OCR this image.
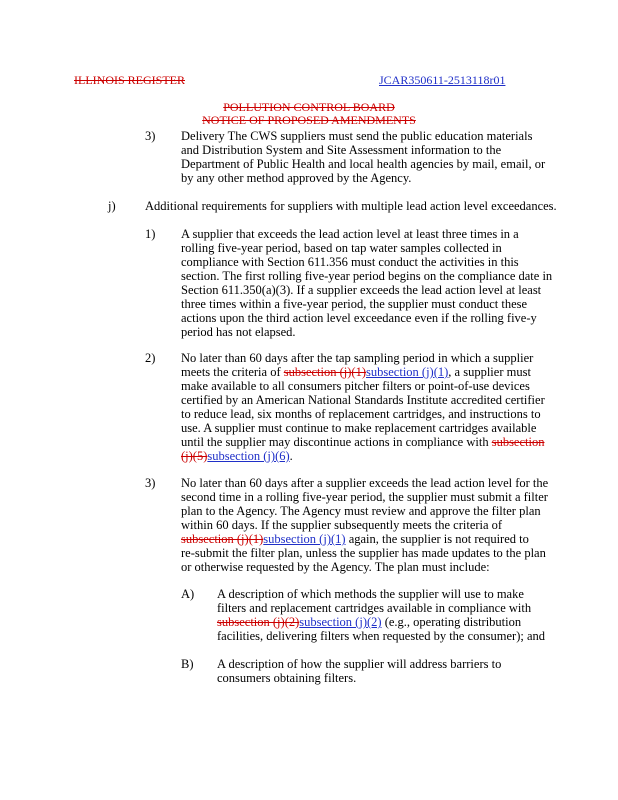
ILLINOIS REGISTER	JCAR350611-2513118r01
POLLUTION CONTROL BOARD
NOTICE OF PROPOSED AMENDMENTS
3) Delivery The CWS suppliers must send the public education materials
and Distribution System and Site Assessment information to the
Department of Public Health and local health agencies by mail, email, or
by any other method approved by the Agency.
j) Additional requirements for suppliers with multiple lead action level exceedances.
1) A supplier that exceeds the lead action level at least three times in a
rolling five-year period, based on tap water samples collected in
compliance with Section 611.356 must conduct the activities in this
section. The first rolling five-year period begins on the compliance date in
Section 611.350(a)(3). If a supplier exceeds the lead action level at least
three times within a five-year period, the supplier must conduct these
actions upon the third action level exceedance even if the rolling five-y
period has not elapsed.
2) No later than 60 days after the tap sampling period in which a supplier
meets the criteria of subsection (j)(1)subsection (j)(1), a supplier must
make available to all consumers pitcher filters or point-of-use devices
certified by an American National Standards Institute accredited certifier
to reduce lead, six months of replacement cartridges, and instructions to
use. A supplier must continue to make replacement cartridges available
until the supplier may discontinue actions in compliance with subsection
(j)(5)subsection (j)(6).
3) No later than 60 days after a supplier exceeds the lead action level for the
second time in a rolling five-year period, the supplier must submit a filter
plan to the Agency. The Agency must review and approve the filter plan
within 60 days. If the supplier subsequently meets the criteria of
subsection (j)(1)subsection (j)(1) again, the supplier is not required to
re-submit the filter plan, unless the supplier has made updates to the plan
or otherwise requested by the Agency. The plan must include:
A) A description of which methods the supplier will use to make
filters and replacement cartridges available in compliance with
subsection (j)(2)subsection (j)(2) (e.g., operating distribution
facilities, delivering filters when requested by the consumer); and
B) A description of how the supplier will address barriers to
consumers obtaining filters.
